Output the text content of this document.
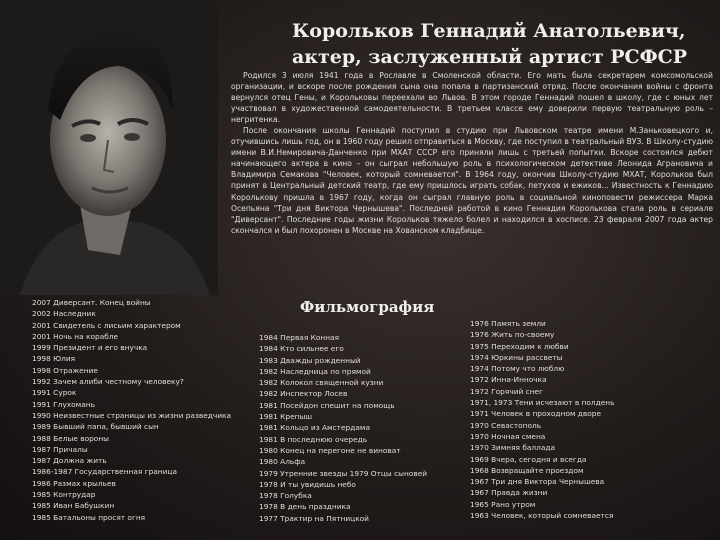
Корольков Геннадий Анатольевич,
актер, заслуженный артист РСФСР

Родился 3 июля 1941 года в Рославле в Смоленской области. Его мать была секретарем комсомольской организации, и вскоре после рождения сына она попала в партизанский отряд. После окончания войны с фронта вернулся отец Гены, и Корольковы переехали во Львов. В этом городе Геннадий пошел в школу, где с юных лет участвовал в художественной самодеятельности. В третьем классе ему доверили первую театральную роль – негритенка.

После окончания школы Геннадий поступил в студию при Львовском театре имени М.Заньковецкого и, отучившись лишь год, он в 1960 году решил отправиться в Москву, где поступил в театральный ВУЗ. В Школу-студию имени В.И.Немировича-Данченко при МХАТ СССР его приняли лишь с третьей попытки. Вскоре состоялся дебют начинающего актера в кино – он сыграл небольшую роль в психологическом детективе Леонида Аграновича и Владимира Семакова "Человек, который сомневается". В 1964 году, окончив Школу-студию МХАТ, Корольков был принят в Центральный детский театр, где ему пришлось играть собак, петухов и ежиков... Известность к Геннадию Королькову пришла в 1967 году, когда он сыграл главную роль в социальной киноповести режиссера Марка Осепьяна "Три дня Виктора Чернышева". Последней работой в кино Геннадия Королькова стала роль в сериале "Диверсант". Последние годы жизни Корольков тяжело болел и находился в хосписе. 23 февраля 2007 года актер скончался и был похоронен в Москве на Хованском кладбище.

Фильмография
2007 Диверсант. Конец войны
2002 Наследник
2001 Свидетель с лисьим характером
2001 Ночь на корабле
1999 Президент и его внучка
1998 Юлия
1998 Отражение
1992 Зачем алиби честному человеку?
1991 Сурок
1991 Глухомань
1990 Неизвестные страницы из жизни разведчика
1989 Бывший папа, бывший сын
1988 Белые вороны
1987 Причалы
1987 Должна жить
1986-1987 Государственная граница
1986 Размах крыльев
1985 Контрудар
1985 Иван Бабушкин
1985 Батальоны просят огня
1984 Первая Конная
1984 Кто сильнее его
1983 Дважды рожденный
1982 Наследница по прямой
1982 Колокол священной кузни
1982 Инспектор Лосев
1981 Посейдон спешит на помощь
1981 Крепыш
1981 Кольцо из Амстердама
1981 В последнюю очередь
1980 Конец на перегоне не виноват
1980 Альфа
1979 Утренние звезды 1979 Отцы сыновей
1978 И ты увидишь небо
1978 Голубка
1978 В день праздника
1977 Трактир на Пятницкой
1976 Память земли
1976 Жить по-своему
1975 Переходим к любви
1974 Юркины рассветы
1974 Потому что люблю
1972 Инна-Инночка
1972 Горячий снег
1971, 1973 Тени исчезают в полдень
1971 Человек в проходном дворе
1970 Севастополь
1970 Ночная смена
1970 Зимняя баллада
1969 Вчера, сегодня и всегда
1968 Возвращайте проездом
1967 Три дня Виктора Чернышева
1967 Правда жизни
1965 Рано утром
1963 Человек, который сомневается
